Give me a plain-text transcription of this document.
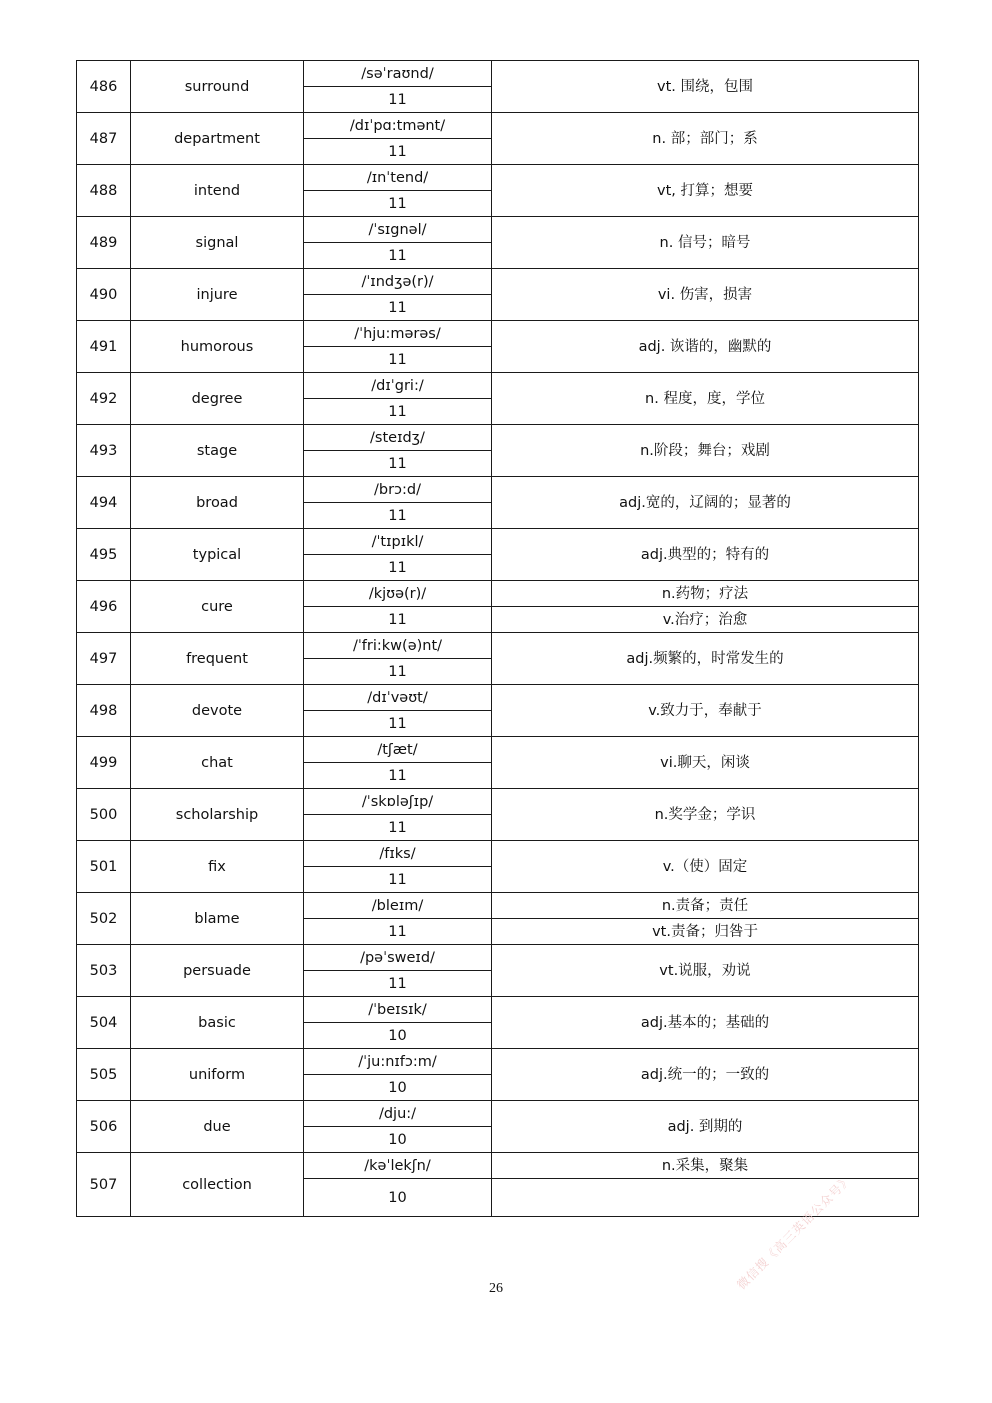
486	surround	/səˈraʊnd/	vt. 围绕，包围
		11	
487	department	/dɪˈpɑ:tmənt/	n. 部；部门；系
		11	
488	intend	/ɪnˈtend/	vt, 打算；想要
		11	
489	signal	/ˈsɪgnəl/	n. 信号；暗号
		11	
490	injure	/ˈɪndʒə(r)/	vi. 伤害，损害
		11	
491	humorous	/ˈhju:mərəs/	adj. 诙谐的，幽默的
		11	
492	degree	/dɪˈgri:/	n. 程度，度，学位
		11	
493	stage	/steɪdʒ/	n.阶段；舞台；戏剧
		11	
494	broad	/brɔ:d/	adj.宽的，辽阔的；显著的
		11	
495	typical	/ˈtɪpɪkl/	adj.典型的；特有的
		11	
496	cure	/kjʊə(r)/	n.药物；疗法
		11	v.治疗；治愈
497	frequent	/ˈfri:kw(ə)nt/	adj.频繁的，时常发生的
		11	
498	devote	/dɪˈvəʊt/	v.致力于，奉献于
		11	
499	chat	/tʃæt/	vi.聊天，闲谈
		11	
500	scholarship	/ˈskɒləʃɪp/	n.奖学金；学识
		11	
501	fix	/fɪks/	v.（使）固定
		11	
502	blame	/bleɪm/	n.责备；责任
		11	vt.责备；归咎于
503	persuade	/pəˈsweɪd/	vt.说服，劝说
		11	
504	basic	/ˈbeɪsɪk/	adj.基本的；基础的
		10	
505	uniform	/ˈju:nɪfɔ:m/	adj.统一的；一致的
		10	
506	due	/dju:/	adj. 到期的
		10	
507	collection	/kəˈlekʃn/	n.采集，聚集
		10	
26	微信搜《高三英语公众号》
